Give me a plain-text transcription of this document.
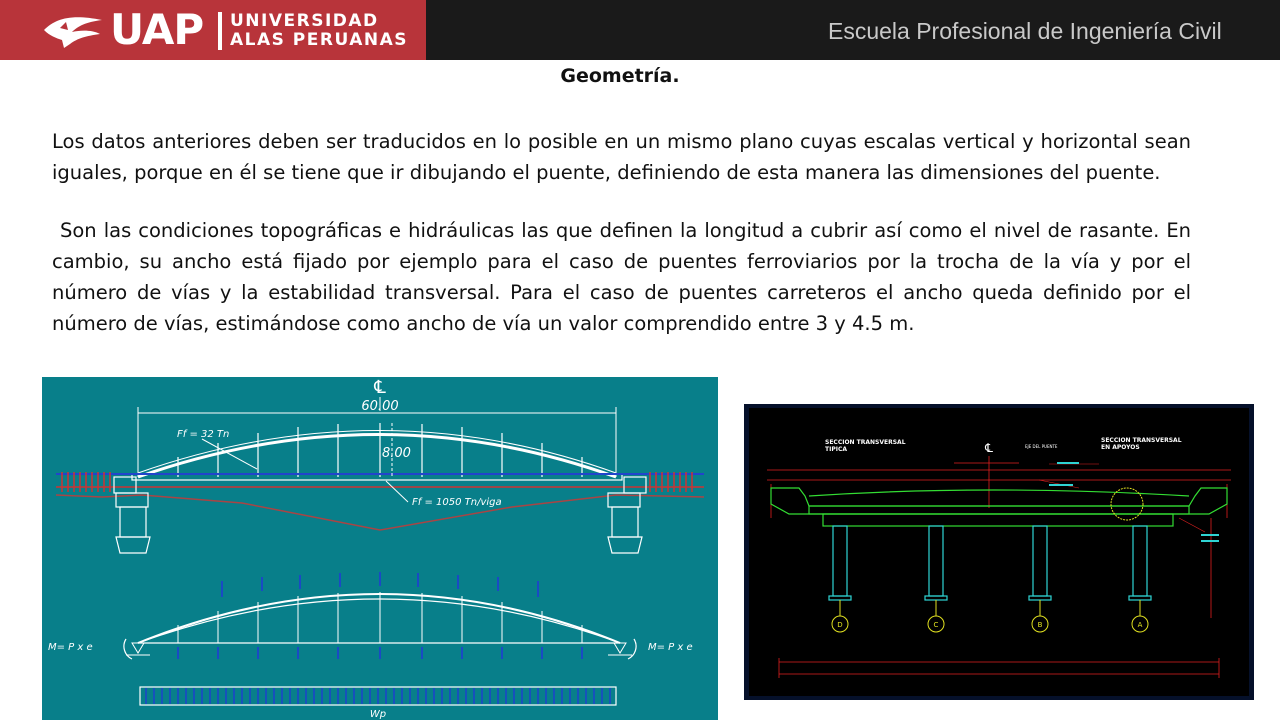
UAP UNIVERSIDAD
ALAS PERUANAS	Escuela Profesional de Ingeniería Civil
Geometría.

Los datos anteriores deben ser traducidos en lo posible en un mismo plano cuyas escalas vertical y horizontal sean iguales, porque en él se tiene que ir dibujando el puente, definiendo de esta manera las dimensiones del puente.

Son las condiciones topográficas e hidráulicas las que definen la longitud a cubrir así como el nivel de rasante. En cambio, su ancho está fijado por ejemplo para el caso de puentes ferroviarios por la trocha de la vía y por el número de vías y la estabilidad transversal. Para el caso de puentes carreteros el ancho queda definido por el número de vías, estimándose como ancho de vía un valor comprendido entre 3 y 4.5 m.

℄
60.00
8.00
Ff = 32 Tn
Ff = 1050 Tn/viga
M= P x e	M= P x e
Wp
SECCION TRANSVERSAL
TIPICA
SECCION TRANSVERSAL
EN APOYOS
℄	EJE DEL PUENTE
D	C	B	A
